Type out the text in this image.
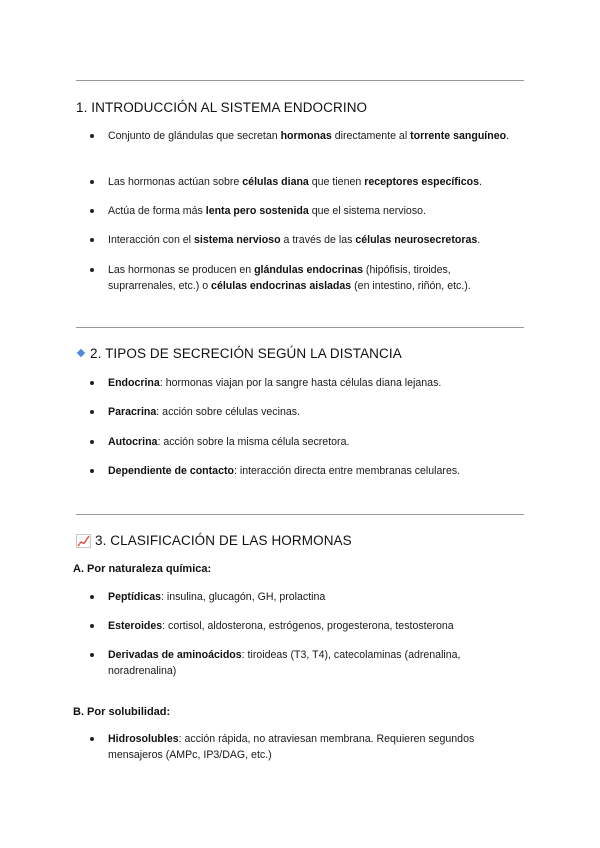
1. INTRODUCCIÓN AL SISTEMA ENDOCRINO
Conjunto de glándulas que secretan hormonas directamente al torrente sanguíneo.
Las hormonas actúan sobre células diana que tienen receptores específicos.
Actúa de forma más lenta pero sostenida que el sistema nervioso.
Interacción con el sistema nervioso a través de las células neurosecretoras.
Las hormonas se producen en glándulas endocrinas (hipófisis, tiroides, suprarrenales, etc.) o células endocrinas aisladas (en intestino, riñón, etc.).
2. TIPOS DE SECRECIÓN SEGÚN LA DISTANCIA
Endocrina: hormonas viajan por la sangre hasta células diana lejanas.
Paracrina: acción sobre células vecinas.
Autocrina: acción sobre la misma célula secretora.
Dependiente de contacto: interacción directa entre membranas celulares.
3. CLASIFICACIÓN DE LAS HORMONAS
A. Por naturaleza química:
Peptídicas: insulina, glucagón, GH, prolactina
Esteroides: cortisol, aldosterona, estrógenos, progesterona, testosterona
Derivadas de aminoácidos: tiroideas (T3, T4), catecolaminas (adrenalina, noradrenalina)
B. Por solubilidad:
Hidrosolubles: acción rápida, no atraviesan membrana. Requieren segundos mensajeros (AMPc, IP3/DAG, etc.)
